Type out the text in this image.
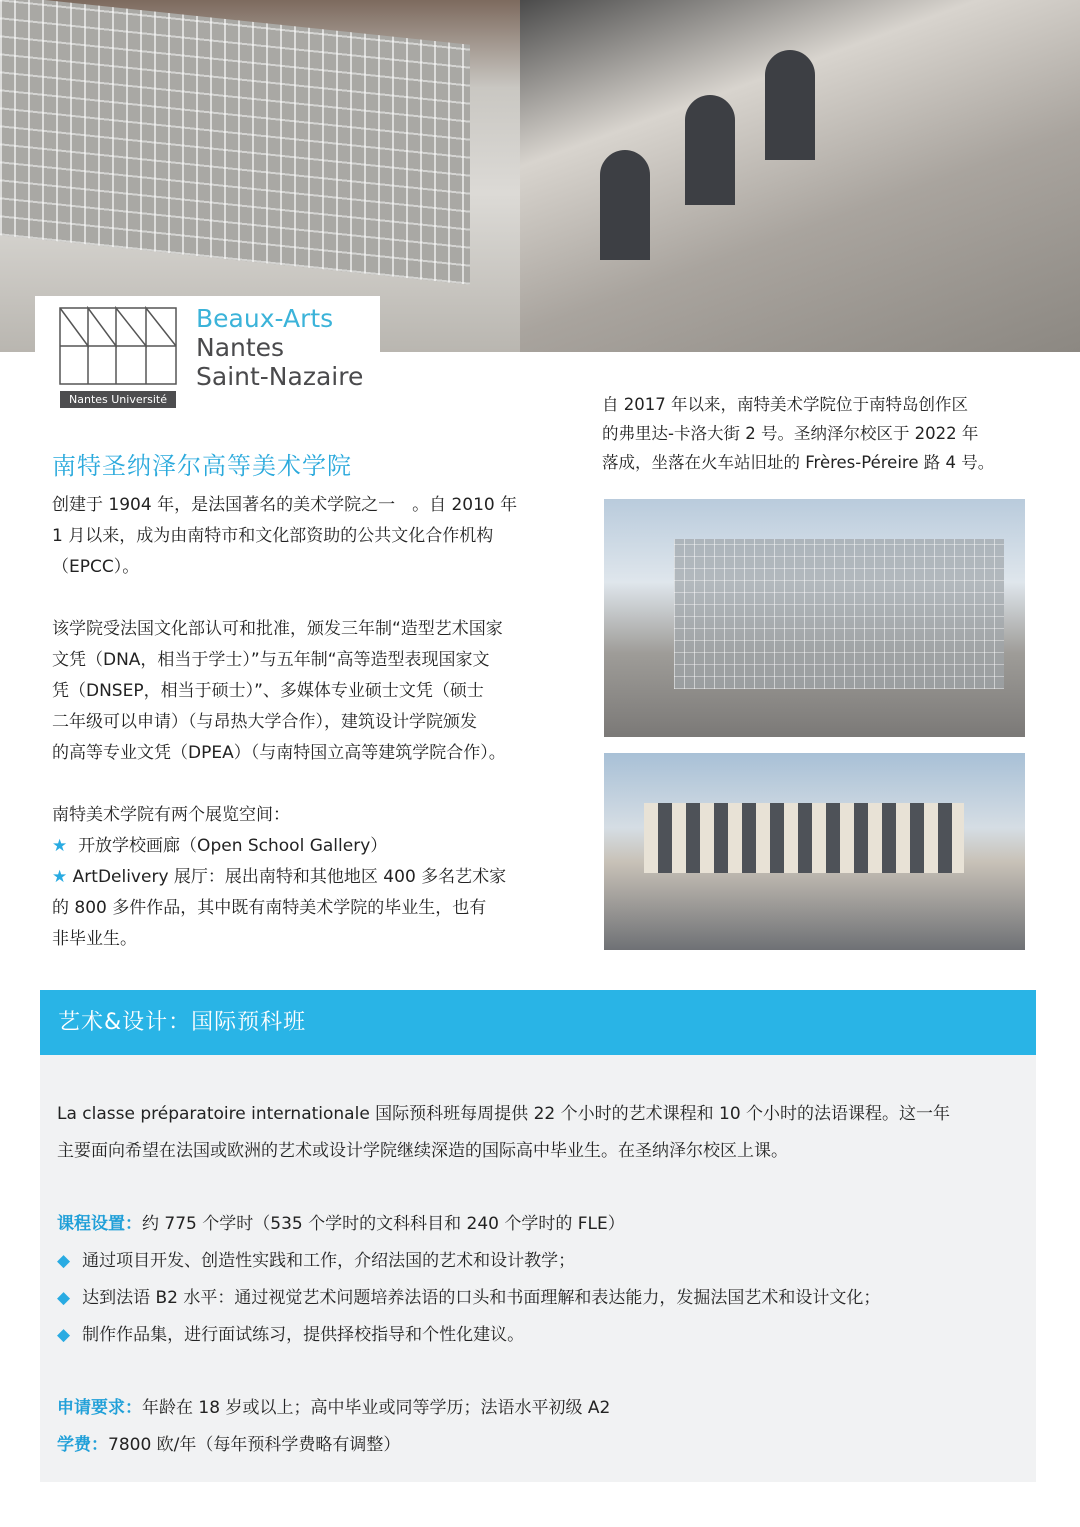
Nantes Université
Beaux-Arts
Nantes
Saint-Nazaire
南特圣纳泽尔高等美术学院
创建于 1904 年，是法国著名的美术学院之一　。自 2010 年
1 月以来，成为由南特市和文化部资助的公共文化合作机构
（EPCC）。
该学院受法国文化部认可和批准，颁发三年制“造型艺术国家
文凭（DNA，相当于学士）”与五年制“高等造型表现国家文
凭（DNSEP，相当于硕士）”、多媒体专业硕士文凭（硕士
二年级可以申请）（与昂热大学合作），建筑设计学院颁发
的高等专业文凭（DPEA）（与南特国立高等建筑学院合作）。
南特美术学院有两个展览空间：
★ 开放学校画廊（Open School Gallery）
★ ArtDelivery 展厅：展出南特和其他地区 400 多名艺术家
的 800 多件作品，其中既有南特美术学院的毕业生，也有
非毕业生。
自 2017 年以来，南特美术学院位于南特岛创作区
的弗里达-卡洛大街 2 号。圣纳泽尔校区于 2022 年
落成，坐落在火车站旧址的 Frères-Péreire 路 4 号。
艺术&设计：国际预科班
La classe préparatoire internationale 国际预科班每周提供 22 个小时的艺术课程和 10 个小时的法语课程。这一年
主要面向希望在法国或欧洲的艺术或设计学院继续深造的国际高中毕业生。在圣纳泽尔校区上课。
课程设置：约 775 个学时（535 个学时的文科科目和 240 个学时的 FLE）
◆ 通过项目开发、创造性实践和工作，介绍法国的艺术和设计教学；
◆ 达到法语 B2 水平：通过视觉艺术问题培养法语的口头和书面理解和表达能力，发掘法国艺术和设计文化；
◆ 制作作品集，进行面试练习，提供择校指导和个性化建议。
申请要求：年龄在 18 岁或以上；高中毕业或同等学历；法语水平初级 A2
学费：7800 欧/年（每年预科学费略有调整）
